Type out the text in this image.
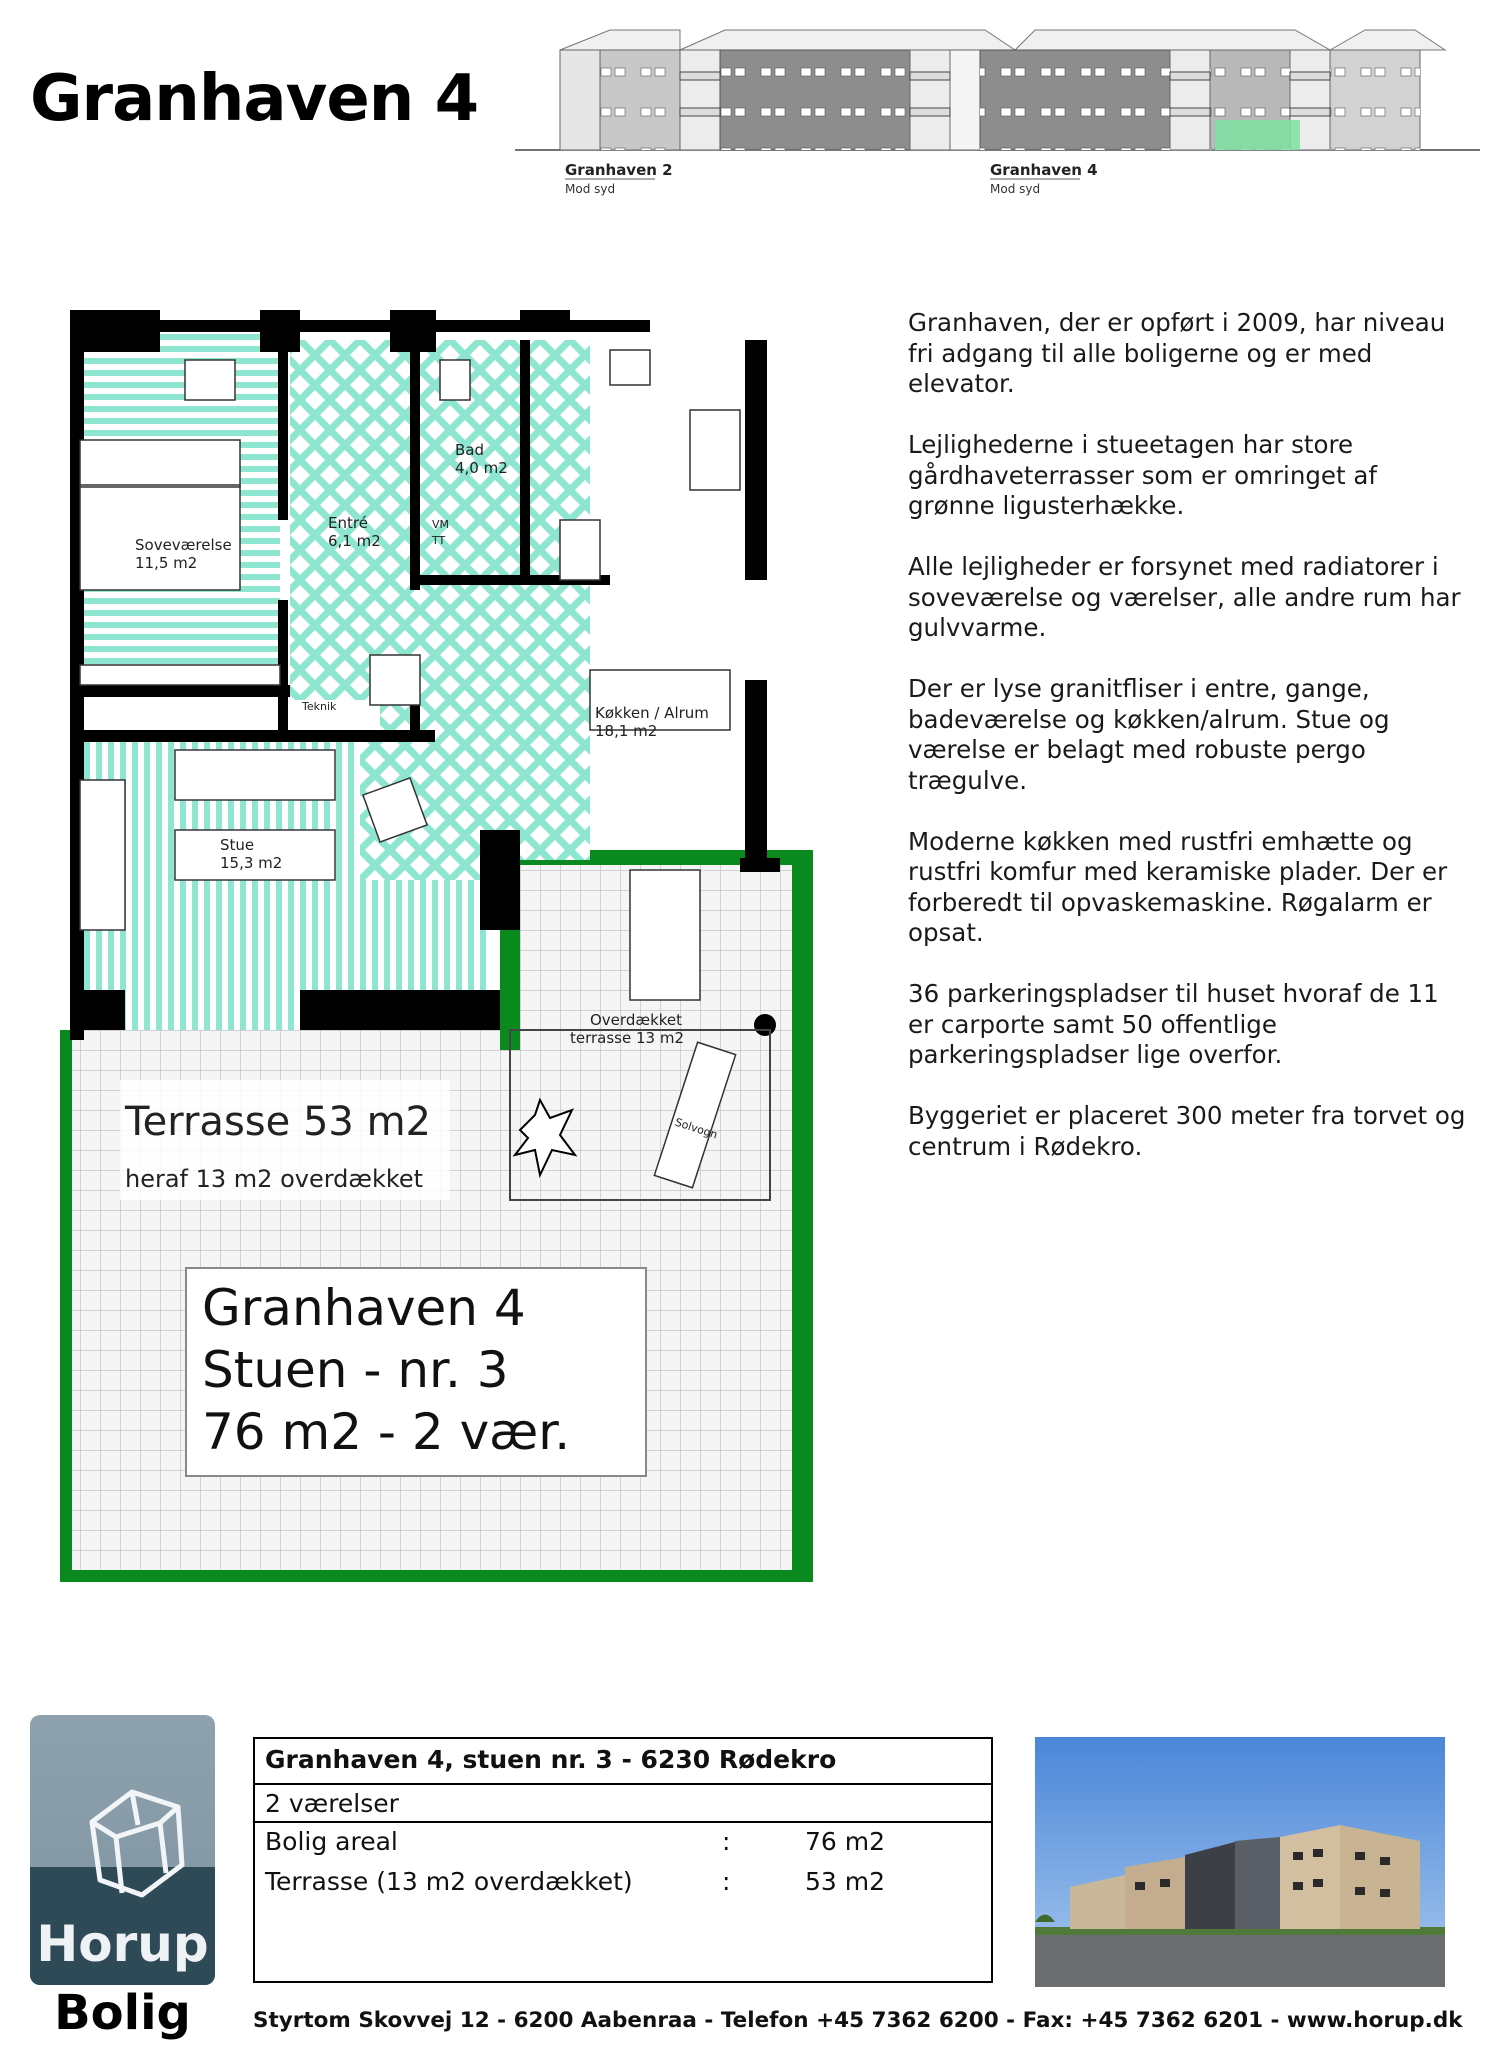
Granhaven 4
Granhaven 2
Mod syd
Granhaven 4
Mod syd
Soveværelse
11,5 m2
Entré
6,1 m2
Bad
4,0 m2
VM
TT
Teknik	Køkken / Alrum
18,1 m2
Stue
15,3 m2
Overdækket
terrasse 13 m2
Solvogn
Terrasse 53 m2
heraf 13 m2 overdækket
Granhaven 4
Stuen - nr. 3
76 m2 - 2 vær.

Granhaven, der er opført i 2009, har niveau fri adgang til alle boligerne og er med elevator.

Lejlighederne i stueetagen har store gårdhaveterrasser som er omringet af grønne ligusterhække.

Alle lejligheder er forsynet med radiatorer i soveværelse og værelser, alle andre rum har gulvvarme.

Der er lyse granitfliser i entre, gange, badeværelse og køkken/alrum. Stue og værelse er belagt med robuste pergo trægulve.

Moderne køkken med rustfri emhætte og rustfri komfur med keramiske plader. Der er forberedt til opvaskemaskine. Røgalarm er opsat.

36 parkeringspladser til huset hvoraf de 11 er carporte samt 50 offentlige parkeringspladser lige overfor.

Byggeriet er placeret 300 meter fra torvet og centrum i Rødekro.

Horup
Bolig
Granhaven 4, stuen nr. 3 - 6230 Rødekro
2 værelser
Bolig areal	:	76 m2
Terrasse (13 m2 overdækket)	:	53 m2
Styrtom Skovvej 12 - 6200 Aabenraa - Telefon +45 7362 6200 - Fax: +45 7362 6201 - www.horup.dk
